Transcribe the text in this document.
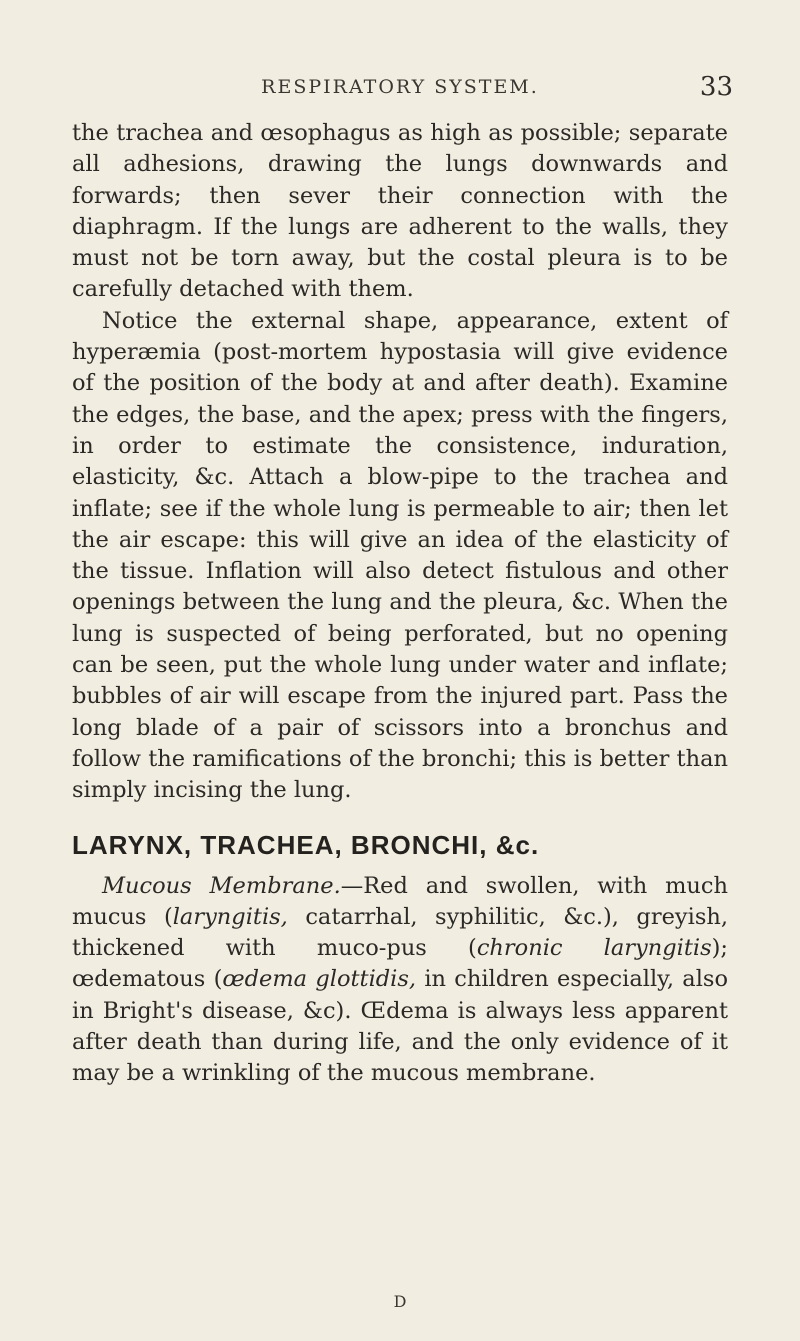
RESPIRATORY SYSTEM.	33

the trachea and œsophagus as high as possible; separate all adhesions, drawing the lungs downwards and forwards; then sever their connection with the diaphragm. If the lungs are adherent to the walls, they must not be torn away, but the costal pleura is to be carefully detached with them.

Notice the external shape, appearance, extent of hyperæmia (post-mortem hypostasia will give evidence of the position of the body at and after death). Examine the edges, the base, and the apex; press with the fingers, in order to estimate the consistence, induration, elasticity, &c. Attach a blow-pipe to the trachea and inflate; see if the whole lung is permeable to air; then let the air escape: this will give an idea of the elasticity of the tissue. Inflation will also detect fistulous and other openings between the lung and the pleura, &c. When the lung is suspected of being perforated, but no opening can be seen, put the whole lung under water and inflate; bubbles of air will escape from the injured part. Pass the long blade of a pair of scissors into a bronchus and follow the ramifications of the bronchi; this is better than simply incising the lung.

LARYNX, TRACHEA, BRONCHI, &c.

Mucous Membrane.—Red and swollen, with much mucus (laryngitis, catarrhal, syphilitic, &c.), greyish, thickened with muco-pus (chronic laryngitis); œdematous (œdema glottidis, in children especially, also in Bright's disease, &c). Œdema is always less apparent after death than during life, and the only evidence of it may be a wrinkling of the mucous membrane.

D
